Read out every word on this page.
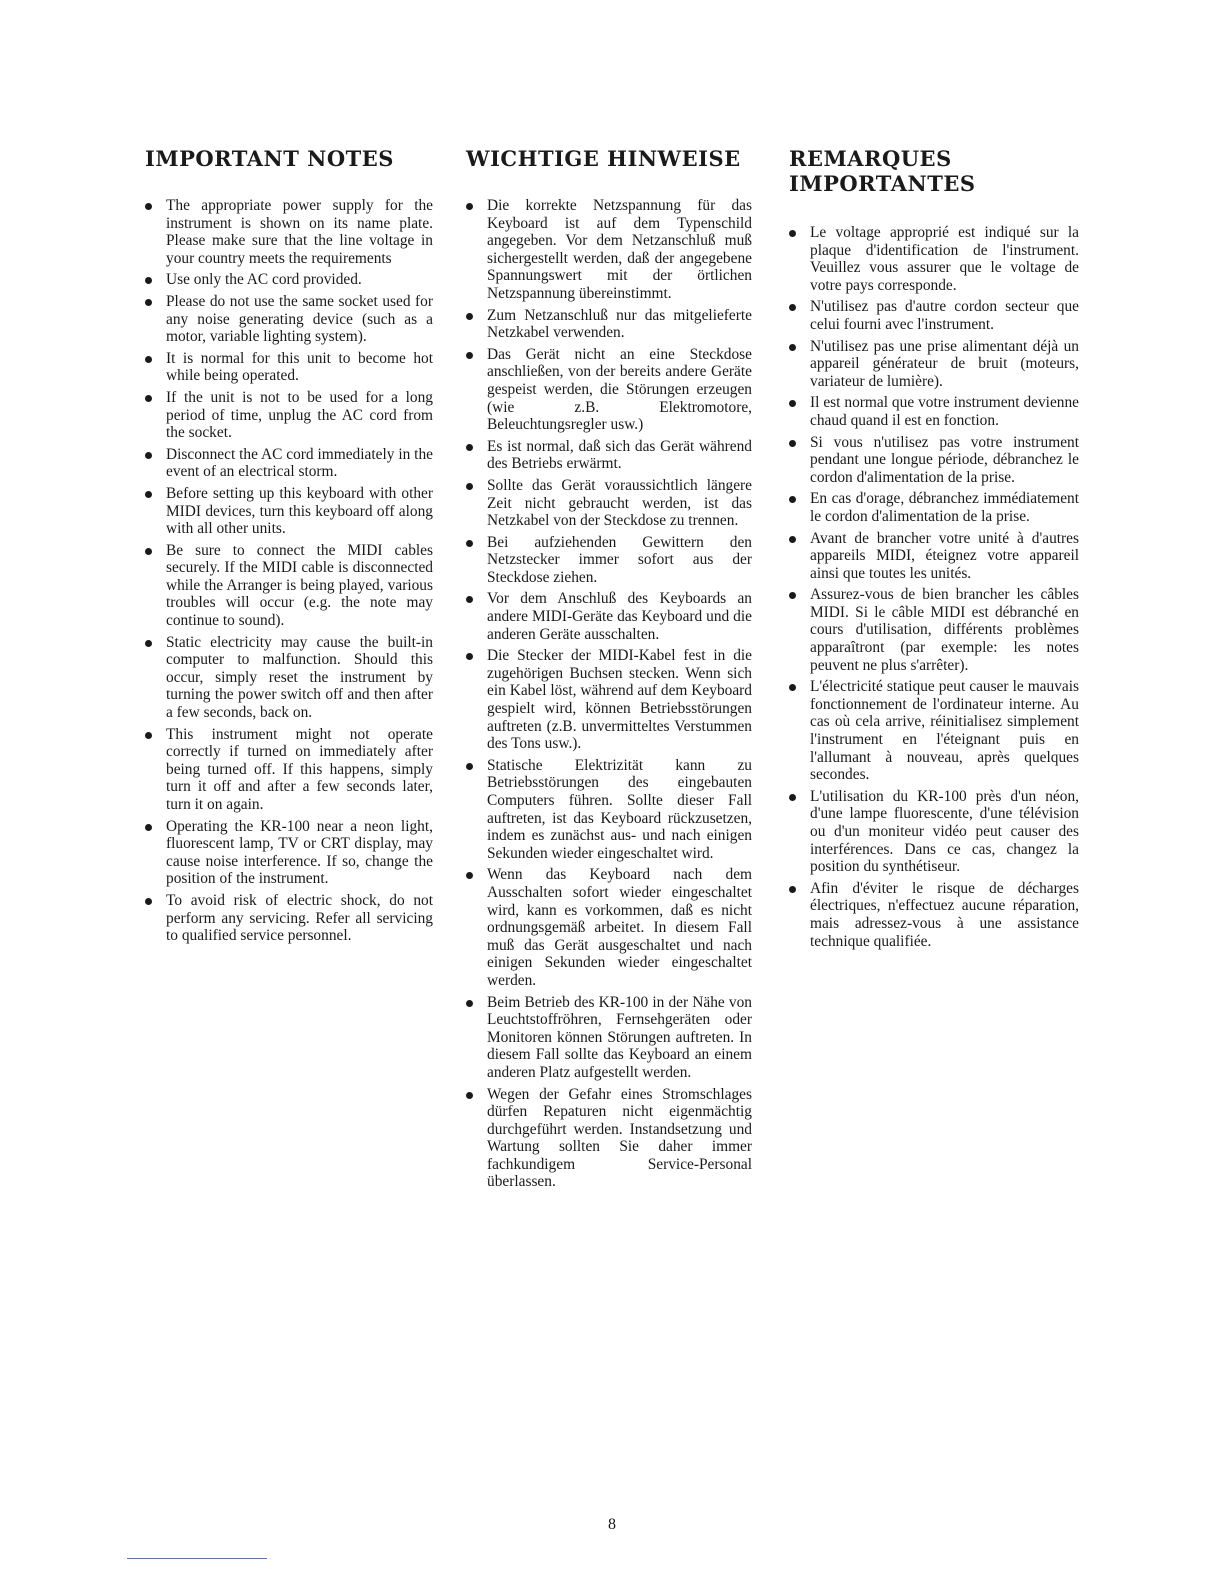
IMPORTANT NOTES
The appropriate power supply for the instrument is shown on its name plate. Please make sure that the line voltage in your country meets the requirements
Use only the AC cord provided.
Please do not use the same socket used for any noise generating device (such as a motor, variable lighting system).
It is normal for this unit to become hot while being operated.
If the unit is not to be used for a long period of time, unplug the AC cord from the socket.
Disconnect the AC cord immediately in the event of an electrical storm.
Before setting up this keyboard with other MIDI devices, turn this keyboard off along with all other units.
Be sure to connect the MIDI cables securely. If the MIDI cable is disconnected while the Arranger is being played, various troubles will occur (e.g. the note may continue to sound).
Static electricity may cause the built-in computer to malfunction. Should this occur, simply reset the instrument by turning the power switch off and then after a few seconds, back on.
This instrument might not operate correctly if turned on immediately after being turned off. If this happens, simply turn it off and after a few seconds later, turn it on again.
Operating the KR-100 near a neon light, fluorescent lamp, TV or CRT display, may cause noise interference. If so, change the position of the instrument.
To avoid risk of electric shock, do not perform any servicing. Refer all servicing to qualified service personnel.
WICHTIGE HINWEISE
Die korrekte Netzspannung für das Keyboard ist auf dem Typenschild angegeben. Vor dem Netzanschluß muß sichergestellt werden, daß der angegebene Spannungswert mit der örtlichen Netzspannung übereinstimmt.
Zum Netzanschluß nur das mitgelieferte Netzkabel verwenden.
Das Gerät nicht an eine Steckdose anschließen, von der bereits andere Geräte gespeist werden, die Störungen erzeugen (wie z.B. Elektromotore, Beleuchtungsregler usw.)
Es ist normal, daß sich das Gerät während des Betriebs erwärmt.
Sollte das Gerät voraussichtlich längere Zeit nicht gebraucht werden, ist das Netzkabel von der Steckdose zu trennen.
Bei aufziehenden Gewittern den Netzstecker immer sofort aus der Steckdose ziehen.
Vor dem Anschluß des Keyboards an andere MIDI-Geräte das Keyboard und die anderen Geräte ausschalten.
Die Stecker der MIDI-Kabel fest in die zugehörigen Buchsen stecken. Wenn sich ein Kabel löst, während auf dem Keyboard gespielt wird, können Betriebsstörungen auftreten (z.B. unvermitteltes Verstummen des Tons usw.).
Statische Elektrizität kann zu Betriebsstörungen des eingebauten Computers führen. Sollte dieser Fall auftreten, ist das Keyboard rückzusetzen, indem es zunächst aus- und nach einigen Sekunden wieder eingeschaltet wird.
Wenn das Keyboard nach dem Ausschalten sofort wieder eingeschaltet wird, kann es vorkommen, daß es nicht ordnungsgemäß arbeitet. In diesem Fall muß das Gerät ausgeschaltet und nach einigen Sekunden wieder eingeschaltet werden.
Beim Betrieb des KR-100 in der Nähe von Leuchtstoffröhren, Fernsehgeräten oder Monitoren können Störungen auftreten. In diesem Fall sollte das Keyboard an einem anderen Platz aufgestellt werden.
Wegen der Gefahr eines Stromschlages dürfen Repaturen nicht eigenmächtig durchgeführt werden. Instandsetzung und Wartung sollten Sie daher immer fachkundigem Service-Personal überlassen.
REMARQUES
IMPORTANTES
Le voltage approprié est indiqué sur la plaque d'identification de l'instrument. Veuillez vous assurer que le voltage de votre pays corresponde.
N'utilisez pas d'autre cordon secteur que celui fourni avec l'instrument.
N'utilisez pas une prise alimentant déjà un appareil générateur de bruit (moteurs, variateur de lumière).
Il est normal que votre instrument devienne chaud quand il est en fonction.
Si vous n'utilisez pas votre instrument pendant une longue période, débranchez le cordon d'alimentation de la prise.
En cas d'orage, débranchez immédiatement le cordon d'alimentation de la prise.
Avant de brancher votre unité à d'autres appareils MIDI, éteignez votre appareil ainsi que toutes les unités.
Assurez-vous de bien brancher les câbles MIDI. Si le câble MIDI est débranché en cours d'utilisation, différents problèmes apparaîtront (par exemple: les notes peuvent ne plus s'arrêter).
L'électricité statique peut causer le mauvais fonctionnement de l'ordinateur interne. Au cas où cela arrive, réinitialisez simplement l'instrument en l'éteignant puis en l'allumant à nouveau, après quelques secondes.
L'utilisation du KR-100 près d'un néon, d'une lampe fluorescente, d'une télévision ou d'un moniteur vidéo peut causer des interférences. Dans ce cas, changez la position du synthétiseur.
Afin d'éviter le risque de décharges électriques, n'effectuez aucune réparation, mais adressez-vous à une assistance technique qualifiée.
8
